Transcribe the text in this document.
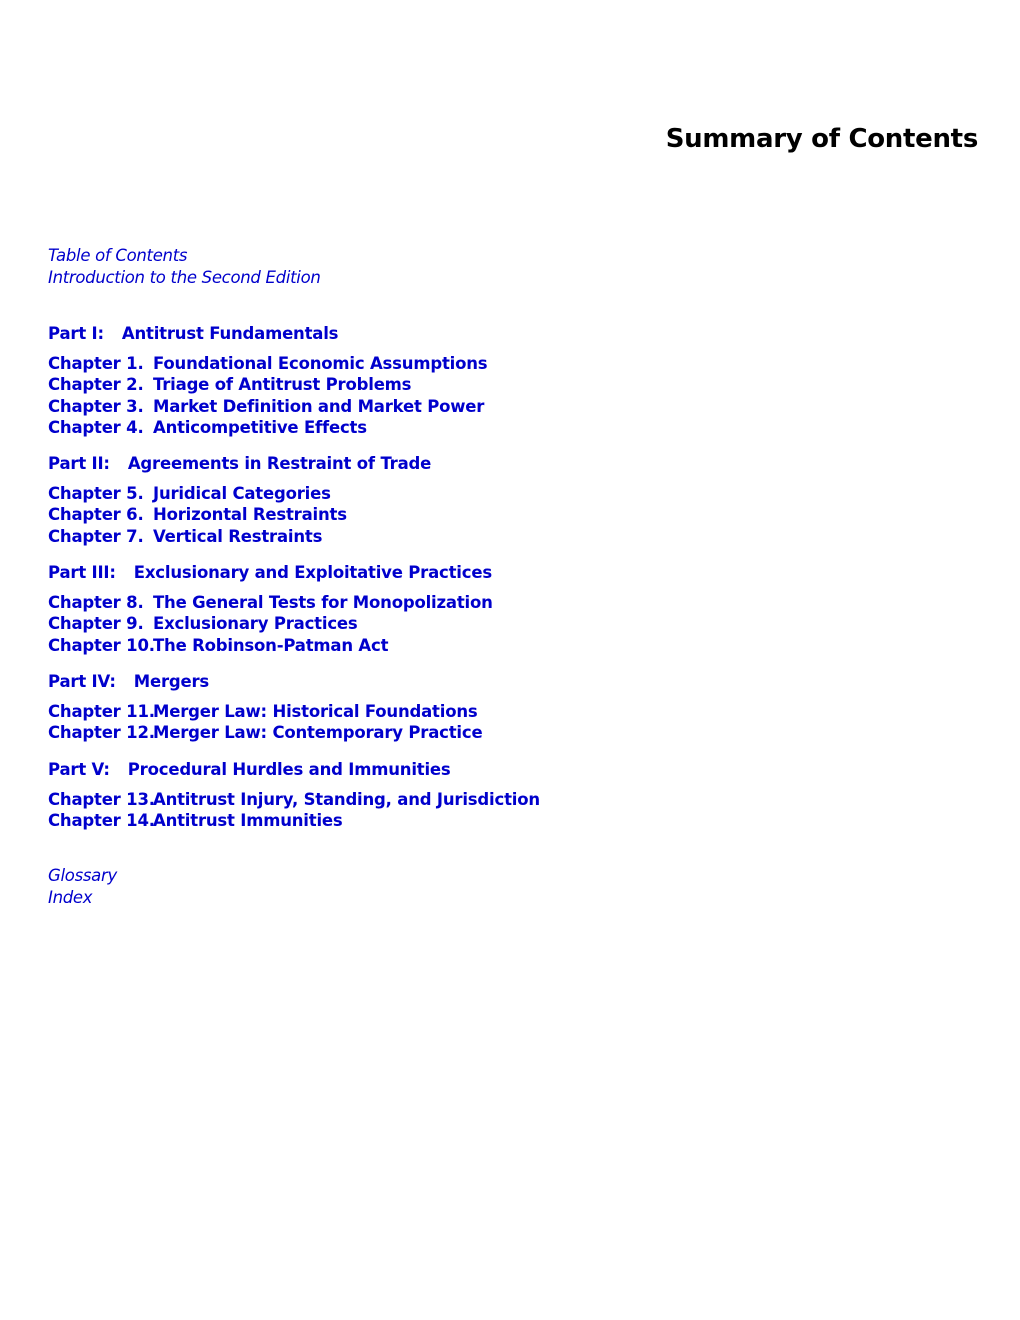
Summary of Contents
Table of Contents
Introduction to the Second Edition
Part I: Antitrust Fundamentals
Chapter 1. Foundational Economic Assumptions
Chapter 2. Triage of Antitrust Problems
Chapter 3. Market Definition and Market Power
Chapter 4. Anticompetitive Effects
Part II: Agreements in Restraint of Trade
Chapter 5. Juridical Categories
Chapter 6. Horizontal Restraints
Chapter 7. Vertical Restraints
Part III: Exclusionary and Exploitative Practices
Chapter 8. The General Tests for Monopolization
Chapter 9. Exclusionary Practices
Chapter 10.
The Robinson-Patman Act
Part IV: Mergers
Chapter 11.
Merger Law: Historical Foundations
Chapter 12.
Merger Law: Contemporary Practice
Part V: Procedural Hurdles and Immunities
Chapter 13.
Antitrust Injury, Standing, and Jurisdiction
Chapter 14.
Antitrust Immunities
Glossary
Index
